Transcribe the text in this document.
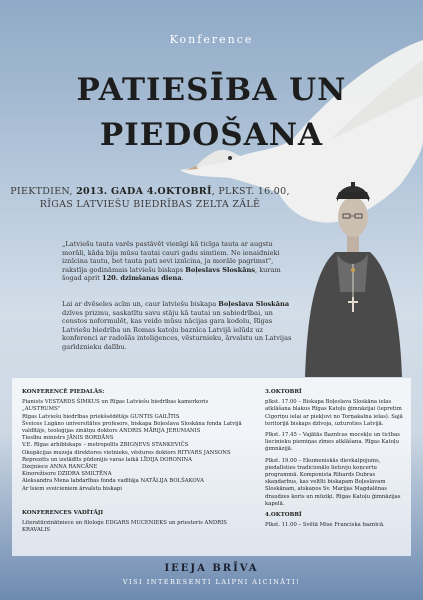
Konference
PATIESĪBA UN
PIEDOŠANA
PIEKTDIEN, 2013. GADA 4.OKTOBRĪ, PLKST. 16.00,
RĪGAS LATVIEŠU BIEDRĪBAS ZELTA ZĀLĒ
„Latviešu tauta varēs pastāvēt vienīgi kā ticīga tauta ar augstu morāli, kāda bija mūsu tautai cauri gadu simtiem. Ne ienaidnieki iznīcina tautu, bet tauta pati sevi iznīcina, ja morāle pagrimst", rakstīja godināmais latviešu biskaps Boļeslavs Sloskāns, kuram šogad aprit 120. dzimšanas diena.
Lai ar dvēseles acīm un, caur latviešu biskapa Boļeslava Sloskāna dzīves prizmu, saskatītu savu stāju kā tautai un sabiedrībai, un censtos noformulēt, kas veido mūsu nācijas gara kodolu, Rīgas Latviešu biedrība un Romas katoļu baznīca Latvijā ielūdz uz konferenci ar radošās inteliģences, vēsturnieku, ārvalstu un Latvijas garīdznieku dalību.
KONFERENCĒ PIEDALĀS:
Pianists VESTARDS ŠIMKUS un Rīgas Latviešu biedrības kamerkoris „AUSTRUMS"
Rīgas Latviešu biedrības priekšsēdētājs GUNTIS GAILĪTIS
Šveices Lugāno universitātes profesors, biskapa Boļeslava Sloskāna fonda Latvijā valdītājs, teoloģijas zinātņu doktors ANDRIS MĀRIJA JERUMANIS
Tiesību ministrs JĀNIS BORDĀNS
V.E. Rīgas arhibīskaps – metropolīts ZBIGŅEVS STANKEVIČS
Okupācijas muzeja direktores vietnieks, vēstures doktors RITVARS JANSONS
Reprezēts un izstādīts pūdonijis varas laikā LĪDIJA DORONINA
Dzejniece ANNA RANCĀNE
Kinorežisore DZIDRA SMILTĒNA
Aleksandra Mena labdarības fonda vadītāja NATĀLIJA BOLŠAKOVA
Ar īsiem sveicieniem ārvalstu biskapi
KONFERENCES VADĪTĀJI
Literatūrzinātniece un filoloģe EDGARS MUCENIEKS un priesteris ANDRIS KRAVALIS
3.OKTOBRĪ

plkst. 17.00 – Biskapa Boļeslava Sloskāna ielas atklāšana blakus Rīgas Katoļu ģimnāzijai (iepretim Cigoriņu ielai ar piekļuvi no Torņakalna ielas). Sajā teritorijā biskaps dzīvoja, uzturoties Latvijā.

Plkst. 17.45 – Vajātās Baznīcas mocekļu un ticības liecinieku piemiņas zīmes atklāšana. Rīgas Katoļu ģimnāzijā.

Plkst. 19.00 – Ekumeniskās dievkalpojums, piedalīsties tradicionālo lietuvju koņcertu programmā. Komponista Rihards Dubras skaņdarbus, kas veltīti biskapam Boļeslavam Sloskānam, atskaņos Sv. Marijas Magdalēnas draudzes koris un mūziķi. Rīgas Katoļu ģimnāzijas kapelā.

4.OKTOBRĪ

Plkst. 11.00 – Svētā Mise Franciska baznīcā.

IEEJA BRĪVA
VISI INTERESENTI LAIPNI AICINĀTI!
